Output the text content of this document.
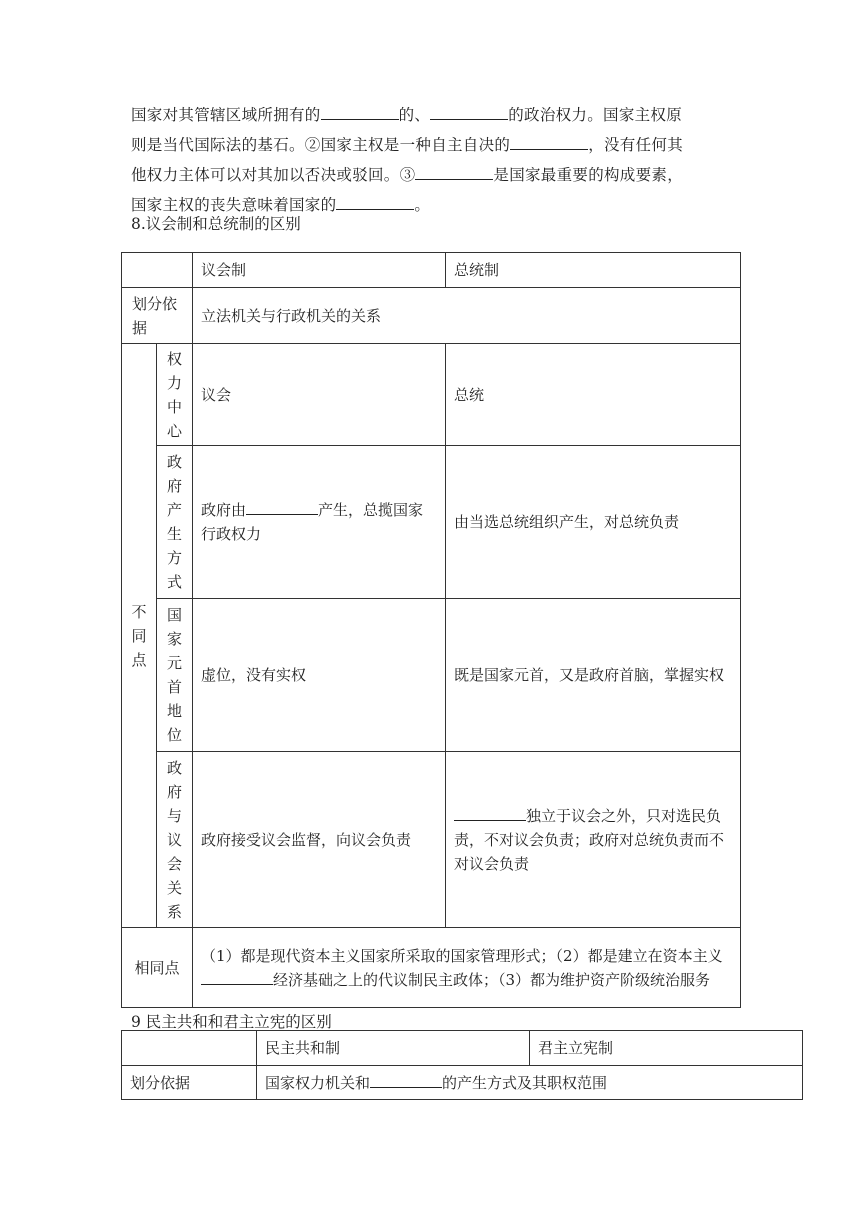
国家对其管辖区域所拥有的	的、	的政治权力。国家主权原
则是当代国际法的基石。②国家主权是一种自主自决的	，没有任何其
他权力主体可以对其加以否决或驳回。③	是国家最重要的构成要素，
国家主权的丧失意味着国家的	。
8.议会制和总统制的区别
		议会制	总统制
划分依据		立法机关与行政机关的关系	

不同点	权力中心	议会	总统

	政府产生方式	政府由 产生，总揽国家行政权力	由当选总统组织产生，对总统负责

	国家元首地位	虚位，没有实权	既是国家元首，又是政府首脑，掌握实权

	政府与议会关系	政府接受议会监督，向议会负责	独立于议会之外，只对选民负责，不对议会负责；政府对总统负责而不对议会负责
相同点		（1）都是现代资本主义国家所采取的国家管理形式；（2）都是建立在资本主义经济基础之上的代议制民主政体；（3）都为维护资产阶级统治服务	
9 民主共和和君主立宪的区别
	民主共和制	君主立宪制
划分依据	国家权力机关和 的产生方式及其职权范围	
